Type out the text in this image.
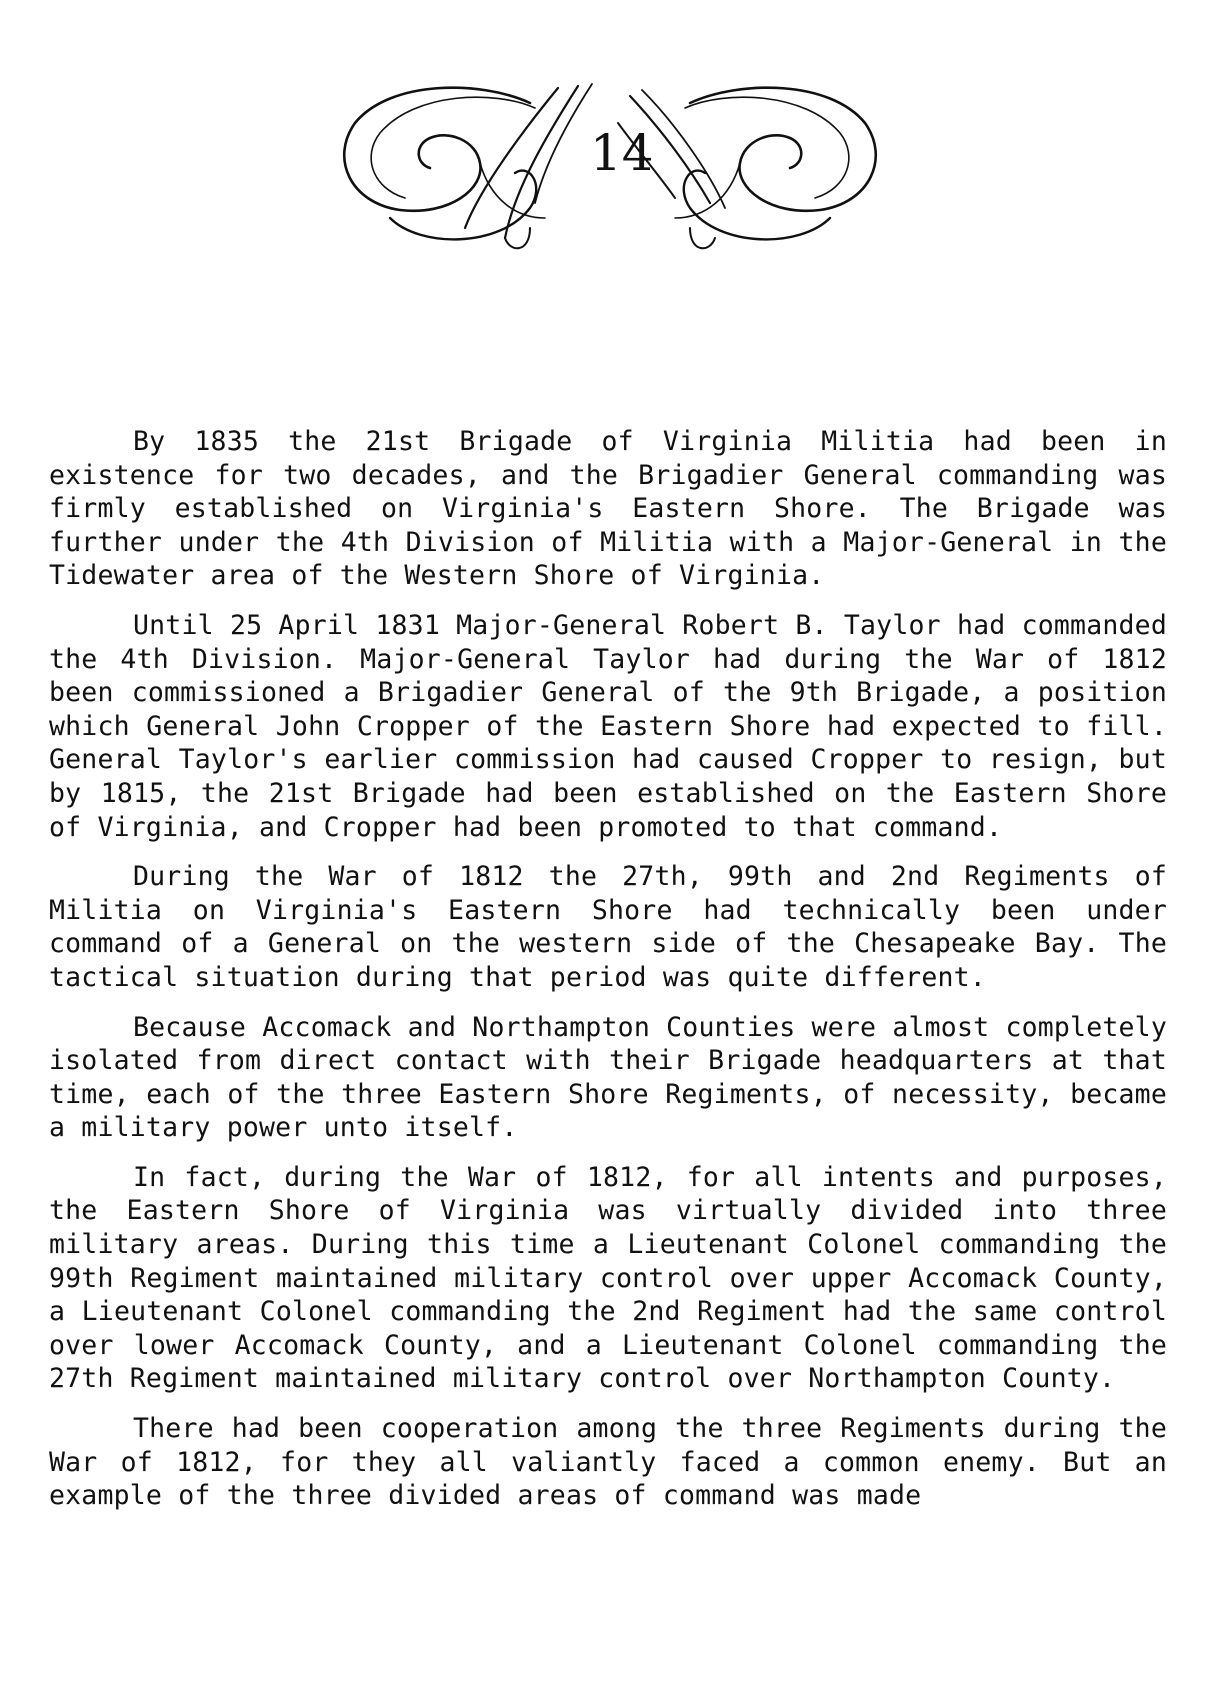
14

By 1835 the 21st Brigade of Virginia Militia had been in existence for two decades, and the Brigadier General commanding was firmly established on Virginia's Eastern Shore. The Brigade was further under the 4th Division of Militia with a Major-General in the Tidewater area of the Western Shore of Virginia.

Until 25 April 1831 Major-General Robert B. Taylor had commanded the 4th Division. Major-General Taylor had during the War of 1812 been commissioned a Brigadier General of the 9th Brigade, a position which General John Cropper of the Eastern Shore had expected to fill. General Taylor's earlier commission had caused Cropper to resign, but by 1815, the 21st Brigade had been established on the Eastern Shore of Virginia, and Cropper had been promoted to that command.

During the War of 1812 the 27th, 99th and 2nd Regiments of Militia on Virginia's Eastern Shore had technically been under command of a General on the western side of the Chesapeake Bay. The tactical situation during that period was quite different.

Because Accomack and Northampton Counties were almost completely isolated from direct contact with their Brigade headquarters at that time, each of the three Eastern Shore Regiments, of necessity, became a military power unto itself.

In fact, during the War of 1812, for all intents and purposes, the Eastern Shore of Virginia was virtually divided into three military areas. During this time a Lieutenant Colonel commanding the 99th Regiment maintained military control over upper Accomack County, a Lieutenant Colonel commanding the 2nd Regiment had the same control over lower Accomack County, and a Lieutenant Colonel commanding the 27th Regiment maintained military control over Northampton County.

There had been cooperation among the three Regiments during the War of 1812, for they all valiantly faced a common enemy. But an example of the three divided areas of command was made
